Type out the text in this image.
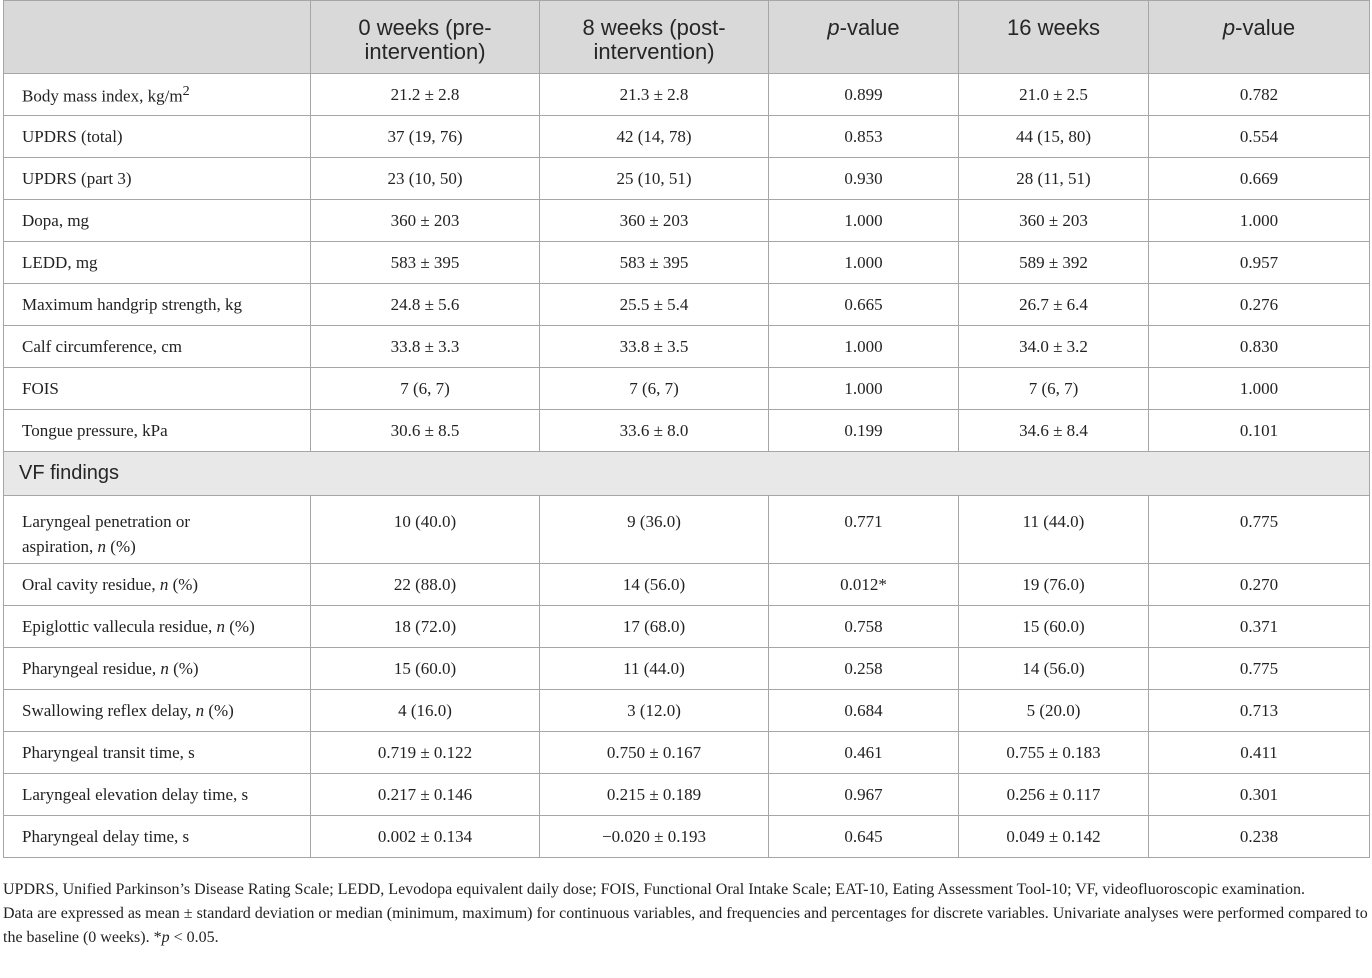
	0 weeks (pre-
intervention)	8 weeks (post-
intervention)	p-value	16 weeks	p-value
Body mass index, $kg/m^2$	21.2 ± 2.8	21.3 ± 2.8	0.899	21.0 ± 2.5	0.782
UPDRS (total)	37 (19, 76)	42 (14, 78)	0.853	44 (15, 80)	0.554
UPDRS (part 3)	23 (10, 50)	25 (10, 51)	0.930	28 (11, 51)	0.669
Dopa, mg	360 ± 203	360 ± 203	1.000	360 ± 203	1.000
LEDD, mg	583 ± 395	583 ± 395	1.000	589 ± 392	0.957
Maximum handgrip strength, kg	24.8 ± 5.6	25.5 ± 5.4	0.665	26.7 ± 6.4	0.276
Calf circumference, cm	33.8 ± 3.3	33.8 ± 3.5	1.000	34.0 ± 3.2	0.830
FOIS	7 (6, 7)	7 (6, 7)	1.000	7 (6, 7)	1.000
Tongue pressure, kPa	30.6 ± 8.5	33.6 ± 8.0	0.199	34.6 ± 8.4	0.101
VF findings					
Laryngeal penetration or
aspiration, n (%)	10 (40.0)	9 (36.0)	0.771	11 (44.0)	0.775
Oral cavity residue, n (%)	22 (88.0)	14 (56.0)	0.012*	19 (76.0)	0.270
Epiglottic vallecula residue, n (%)	18 (72.0)	17 (68.0)	0.758	15 (60.0)	0.371
Pharyngeal residue, n (%)	15 (60.0)	11 (44.0)	0.258	14 (56.0)	0.775
Swallowing reflex delay, n (%)	4 (16.0)	3 (12.0)	0.684	5 (20.0)	0.713
Pharyngeal transit time, s	0.719 ± 0.122	0.750 ± 0.167	0.461	0.755 ± 0.183	0.411
Laryngeal elevation delay time, s	0.217 ± 0.146	0.215 ± 0.189	0.967	0.256 ± 0.117	0.301
Pharyngeal delay time, s	0.002 ± 0.134	−0.020 ± 0.193	0.645	0.049 ± 0.142	0.238

UPDRS, Unified Parkinson’s Disease Rating Scale; LEDD, Levodopa equivalent daily dose; FOIS, Functional Oral Intake Scale; EAT-10, Eating Assessment Tool-10; VF, videofluoroscopic examination.

Data are expressed as mean ± standard deviation or median (minimum, maximum) for continuous variables, and frequencies and percentages for discrete variables. Univariate analyses were performed compared to the baseline (0 weeks). *p < 0.05.
